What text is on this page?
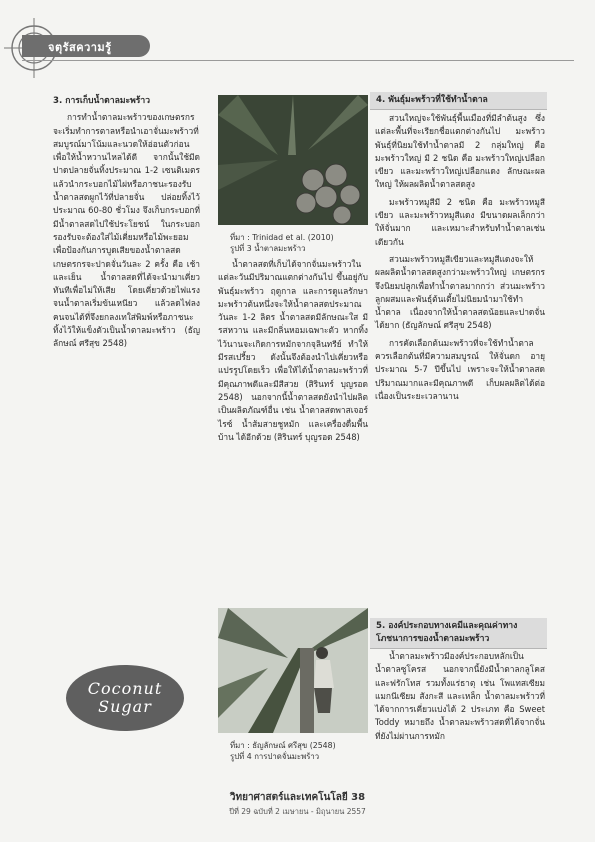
จตุรัสความรู้
3. การเก็บน้ำตาลมะพร้าว

การทำน้ำตาลมะพร้าวของเกษตรกรจะเริ่มทำการตาลหรือนำเอาจั่นมะพร้าวที่สมบูรณ์มาโน้มและนวดให้อ่อนตัวก่อนเพื่อให้น้ำหวานไหลได้ดี จากนั้นใช้มีดปาดปลายจั่นทิ้งประมาณ 1-2 เซนติเมตร แล้วนำกระบอกไม้ไผ่หรือภาชนะรองรับน้ำตาลสดผูกไว้ที่ปลายจั่น ปล่อยทิ้งไว้ประมาณ 60-80 ชั่วโมง จึงเก็บกระบอกที่มีน้ำตาลสดไปใช้ประโยชน์ ในกระบอกรองรับจะต้องใส่ไม้เคี่ยมหรือไม้พะยอมเพื่อป้องกันการบูดเสียของน้ำตาลสด เกษตรกรจะปาดจั่นวันละ 2 ครั้ง คือ เช้าและเย็น น้ำตาลสดที่ได้จะนำมาเคี่ยวทันทีเพื่อไม่ให้เสีย โดยเคี่ยวด้วยไฟแรงจนน้ำตาลเริ่มข้นเหนียว แล้วลดไฟลงคนจนได้ที่จึงยกลงเทใส่พิมพ์หรือภาชนะ ทิ้งไว้ให้แข็งตัวเป็นน้ำตาลมะพร้าว (ธัญลักษณ์ ศรีสุข 2548)

Coconut
Sugar
ที่มา : Trinidad et al. (2010)
รูปที่ 3 น้ำตาลมะพร้าว

น้ำตาลสดที่เก็บได้จากจั่นมะพร้าวในแต่ละวันมีปริมาณแตกต่างกันไป ขึ้นอยู่กับพันธุ์มะพร้าว ฤดูกาล และการดูแลรักษา มะพร้าวต้นหนึ่งจะให้น้ำตาลสดประมาณวันละ 1-2 ลิตร น้ำตาลสดมีลักษณะใส มีรสหวาน และมีกลิ่นหอมเฉพาะตัว หากทิ้งไว้นานจะเกิดการหมักจากจุลินทรีย์ ทำให้มีรสเปรี้ยว ดังนั้นจึงต้องนำไปเคี่ยวหรือแปรรูปโดยเร็ว เพื่อให้ได้น้ำตาลมะพร้าวที่มีคุณภาพดีและมีสีสวย (สิรินทร์ บุญรอด 2548) นอกจากนี้น้ำตาลสดยังนำไปผลิตเป็นผลิตภัณฑ์อื่น เช่น น้ำตาลสดพาสเจอร์ไรซ์ น้ำส้มสายชูหมัก และเครื่องดื่มพื้นบ้าน ได้อีกด้วย (สิรินทร์ บุญรอด 2548)

ที่มา : ธัญลักษณ์ ศรีสุข (2548)
รูปที่ 4 การปาดจั่นมะพร้าว
4. พันธุ์มะพร้าวที่ใช้ทำน้ำตาล

สวนใหญ่จะใช้พันธุ์พื้นเมืองที่มีลำต้นสูง ซึ่งแต่ละพื้นที่จะเรียกชื่อแตกต่างกันไป มะพร้าวพันธุ์ที่นิยมใช้ทำน้ำตาลมี 2 กลุ่มใหญ่ คือ มะพร้าวใหญ่ มี 2 ชนิด คือ มะพร้าวใหญ่เปลือกเขียว และมะพร้าวใหญ่เปลือกแดง ลักษณะผลใหญ่ ให้ผลผลิตน้ำตาลสดสูง

มะพร้าวหมูสีมี 2 ชนิด คือ มะพร้าวหมูสีเขียว และมะพร้าวหมูสีแดง มีขนาดผลเล็กกว่า ให้จั่นมาก และเหมาะสำหรับทำน้ำตาลเช่นเดียวกัน

สวนมะพร้าวหมูสีเขียวและหมูสีแดงจะให้ผลผลิตน้ำตาลสดสูงกว่ามะพร้าวใหญ่ เกษตรกรจึงนิยมปลูกเพื่อทำน้ำตาลมากกว่า ส่วนมะพร้าวลูกผสมและพันธุ์ต้นเตี้ยไม่นิยมนำมาใช้ทำน้ำตาล เนื่องจากให้น้ำตาลสดน้อยและปาดจั่นได้ยาก (ธัญลักษณ์ ศรีสุข 2548)

การคัดเลือกต้นมะพร้าวที่จะใช้ทำน้ำตาลควรเลือกต้นที่มีความสมบูรณ์ ให้จั่นดก อายุประมาณ 5-7 ปีขึ้นไป เพราะจะให้น้ำตาลสดปริมาณมากและมีคุณภาพดี เก็บผลผลิตได้ต่อเนื่องเป็นระยะเวลานาน

5. องค์ประกอบทางเคมีและคุณค่าทางโภชนาการของน้ำตาลมะพร้าว

น้ำตาลมะพร้าวมีองค์ประกอบหลักเป็นน้ำตาลซูโครส นอกจากนี้ยังมีน้ำตาลกลูโคสและฟรักโทส รวมทั้งแร่ธาตุ เช่น โพแทสเซียม แมกนีเซียม สังกะสี และเหล็ก น้ำตาลมะพร้าวที่ได้จากการเคี่ยวแบ่งได้ 2 ประเภท คือ Sweet Toddy หมายถึง น้ำตาลมะพร้าวสดที่ได้จากจั่นที่ยังไม่ผ่านการหมัก

วิทยาศาสตร์และเทคโนโลยี 38
ปีที่ 29 ฉบับที่ 2 เมษายน - มิถุนายน 2557
